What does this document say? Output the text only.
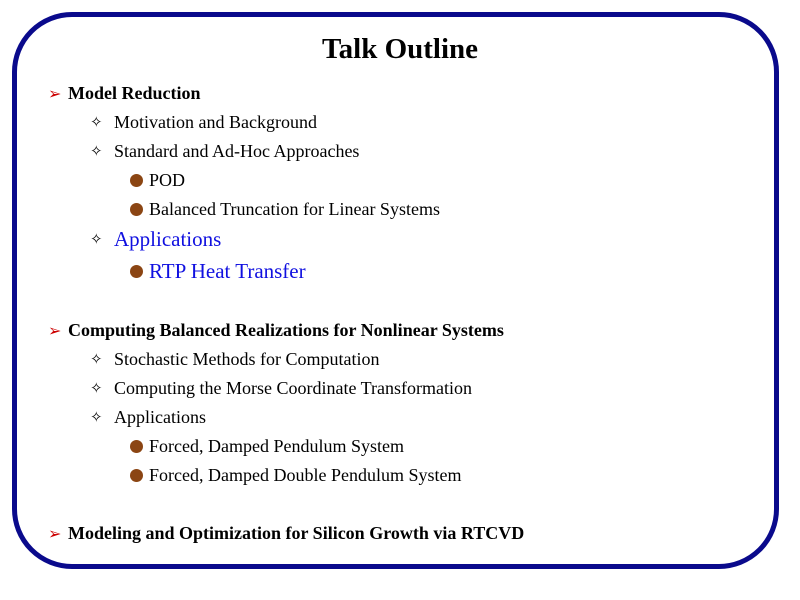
Talk Outline
➢ Model Reduction
✧ Motivation and Background
✧ Standard and Ad-Hoc Approaches
POD
Balanced Truncation for Linear Systems
✧ Applications
RTP Heat Transfer
➢ Computing Balanced Realizations for Nonlinear Systems
✧ Stochastic Methods for Computation
✧ Computing the Morse Coordinate Transformation
✧ Applications
Forced, Damped Pendulum System
Forced, Damped Double Pendulum System
➢ Modeling and Optimization for Silicon Growth via RTCVD
